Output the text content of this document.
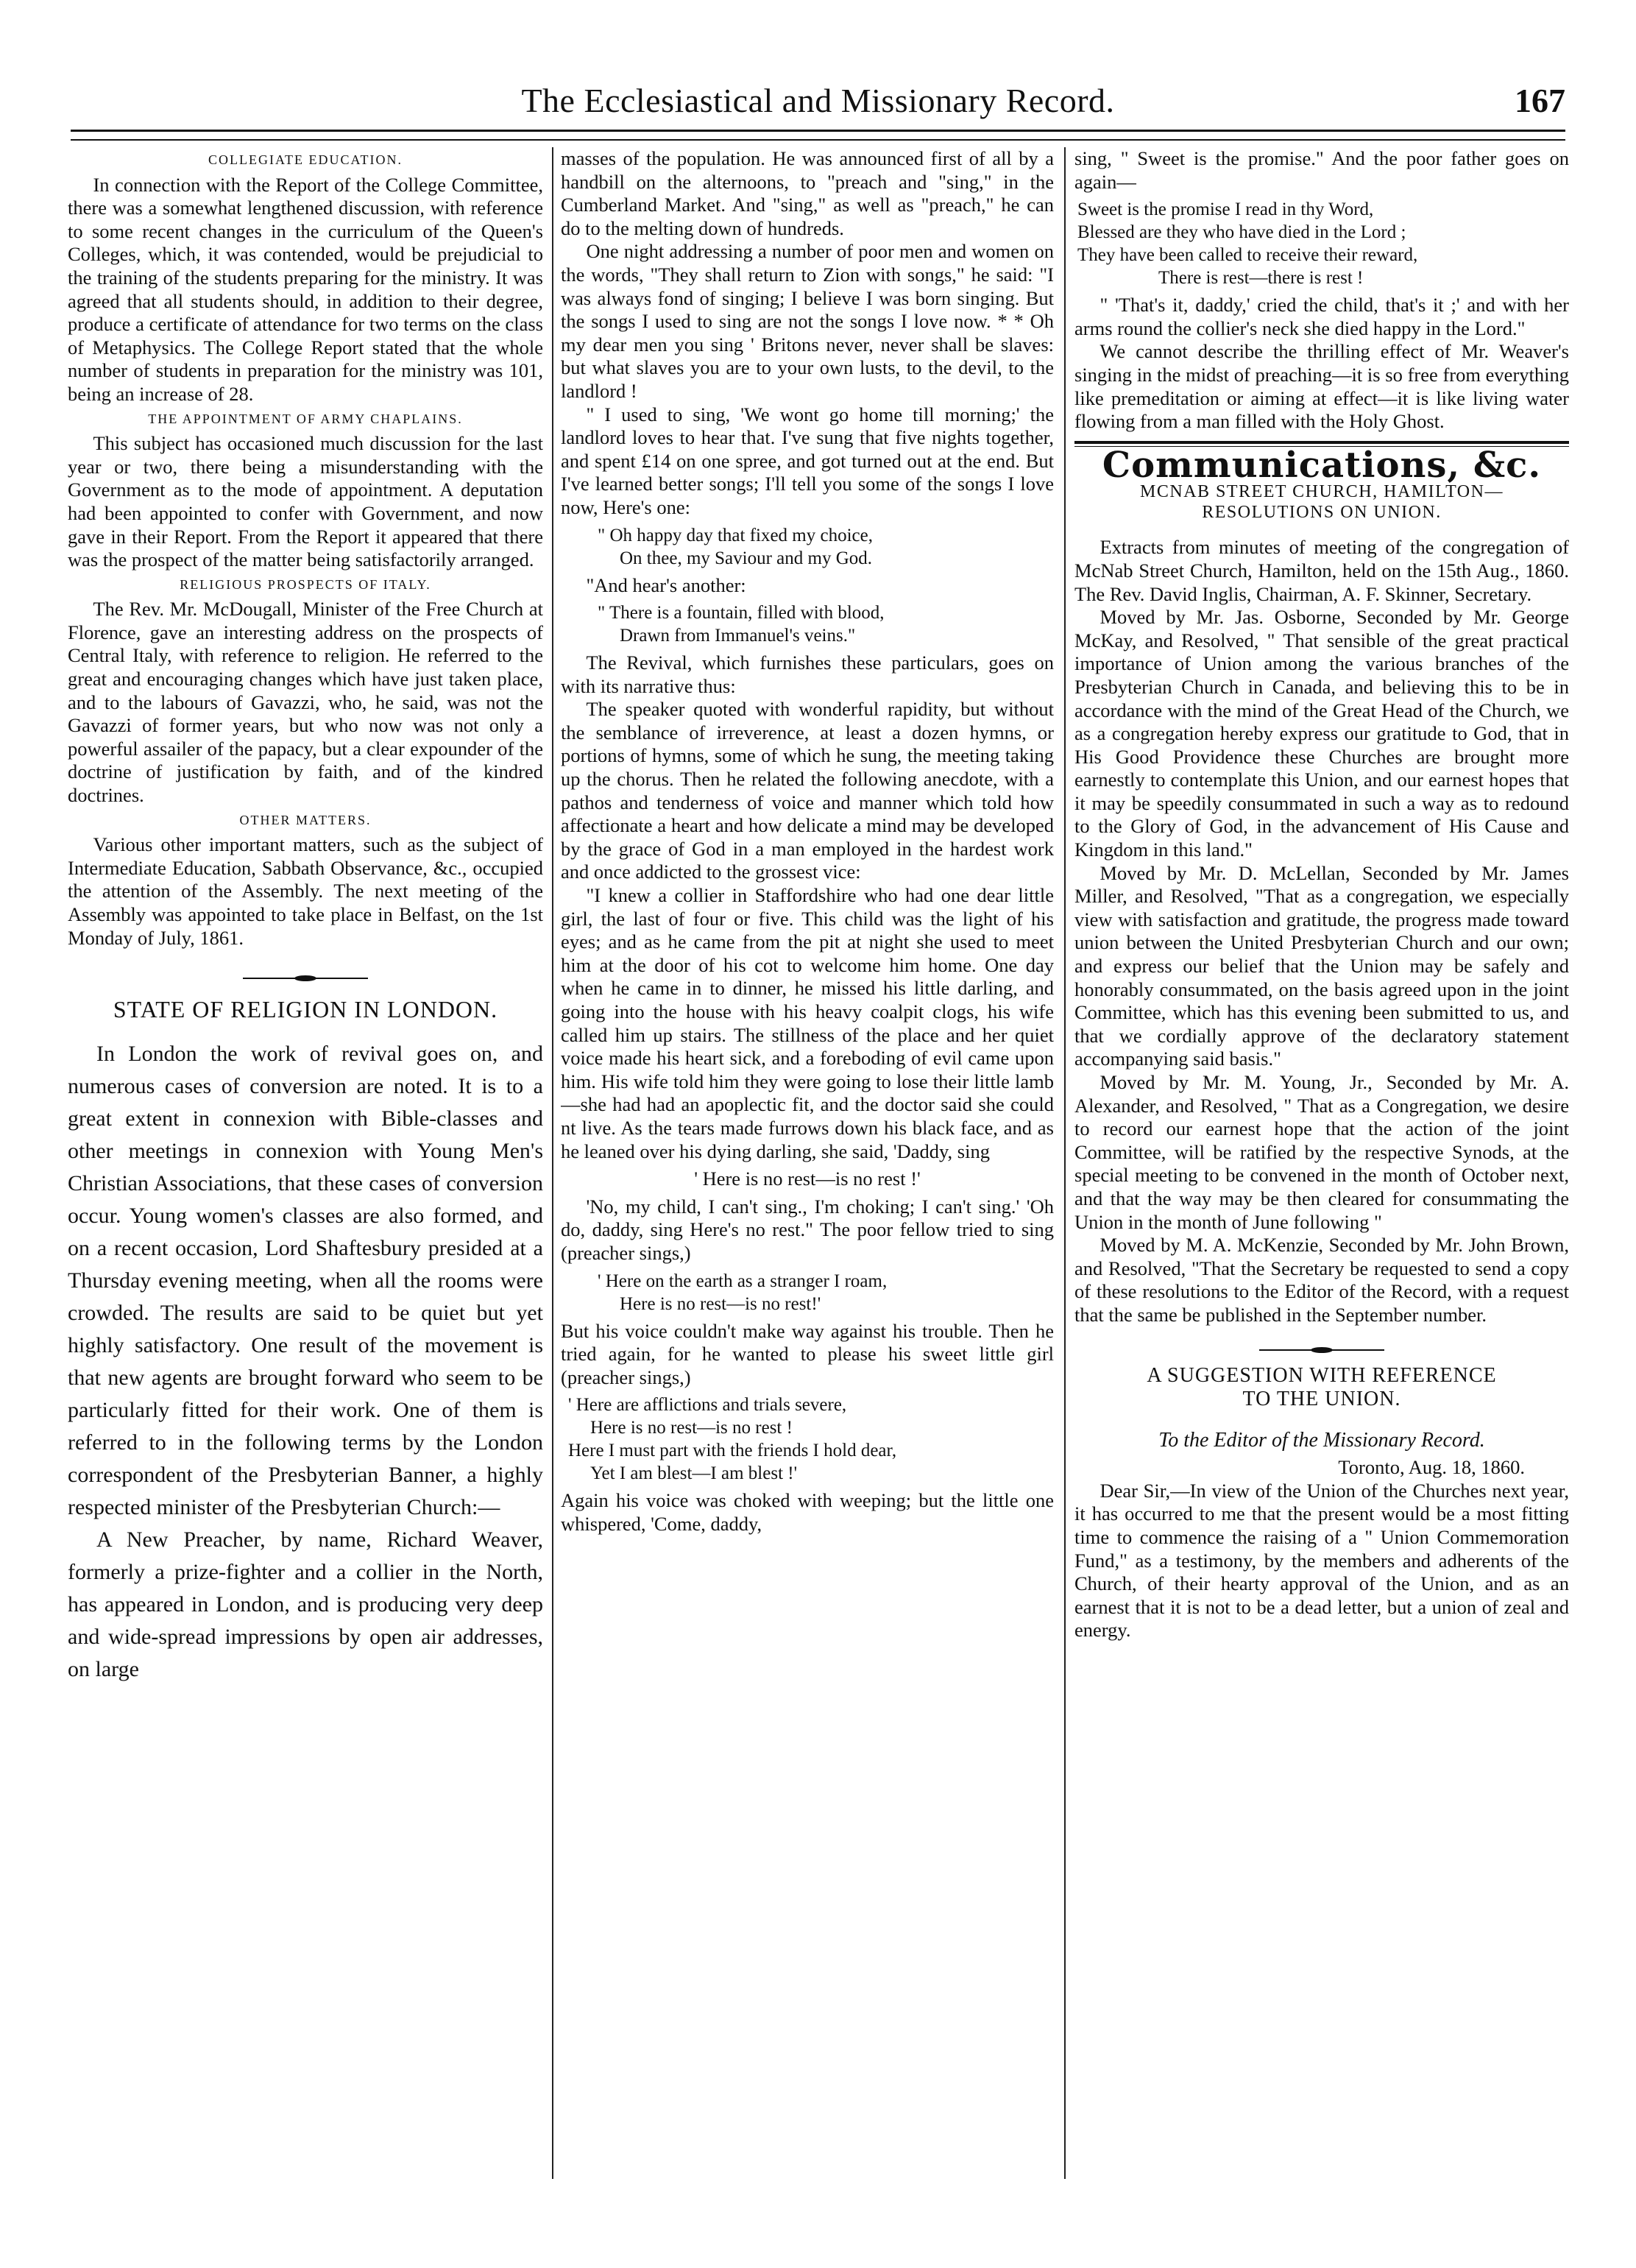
The Ecclesiastical and Missionary Record.	167
COLLEGIATE EDUCATION.

In connection with the Report of the College Committee, there was a somewhat lengthened discussion, with reference to some recent changes in the curriculum of the Queen's Colleges, which, it was contended, would be prejudicial to the training of the students preparing for the ministry. It was agreed that all students should, in addition to their degree, produce a certificate of attendance for two terms on the class of Metaphysics. The College Report stated that the whole number of students in preparation for the ministry was 101, being an increase of 28.

THE APPOINTMENT OF ARMY CHAPLAINS.

This subject has occasioned much discussion for the last year or two, there being a misunderstanding with the Government as to the mode of appointment. A deputation had been appointed to confer with Government, and now gave in their Report. From the Report it appeared that there was the prospect of the matter being satisfactorily arranged.

RELIGIOUS PROSPECTS OF ITALY.

The Rev. Mr. McDougall, Minister of the Free Church at Florence, gave an interesting address on the prospects of Central Italy, with reference to religion. He referred to the great and encouraging changes which have just taken place, and to the labours of Gavazzi, who, he said, was not the Gavazzi of former years, but who now was not only a powerful assailer of the papacy, but a clear expounder of the doctrine of justification by faith, and of the kindred doctrines.

OTHER MATTERS.

Various other important matters, such as the subject of Intermediate Education, Sabbath Observance, &c., occupied the attention of the Assembly. The next meeting of the Assembly was appointed to take place in Belfast, on the 1st Monday of July, 1861.

STATE OF RELIGION IN LONDON.

In London the work of revival goes on, and numerous cases of conversion are noted. It is to a great extent in connexion with Bible-classes and other meetings in connexion with Young Men's Christian Associations, that these cases of conversion occur. Young women's classes are also formed, and on a recent occasion, Lord Shaftesbury presided at a Thursday evening meeting, when all the rooms were crowded. The results are said to be quiet but yet highly satisfactory. One result of the movement is that new agents are brought forward who seem to be particularly fitted for their work. One of them is referred to in the following terms by the London correspondent of the Presbyterian Banner, a highly respected minister of the Presbyterian Church:—

A New Preacher, by name, Richard Weaver, formerly a prize-fighter and a collier in the North, has appeared in London, and is producing very deep and wide-spread impressions by open air addresses, on large

masses of the population. He was announced first of all by a handbill on the alternoons, to "preach and "sing," in the Cumberland Market. And "sing," as well as "preach," he can do to the melting down of hundreds.

One night addressing a number of poor men and women on the words, "They shall return to Zion with songs," he said: "I was always fond of singing; I believe I was born singing. But the songs I used to sing are not the songs I love now. * * Oh my dear men you sing ' Britons never, never shall be slaves: but what slaves you are to your own lusts, to the devil, to the landlord !

" I used to sing, 'We wont go home till morning;' the landlord loves to hear that. I've sung that five nights together, and spent £14 on one spree, and got turned out at the end. But I've learned better songs; I'll tell you some of the songs I love now, Here's one:

" Oh happy day that fixed my choice,
On thee, my Saviour and my God.

"And hear's another:

" There is a fountain, filled with blood,
Drawn from Immanuel's veins."

The Revival, which furnishes these particulars, goes on with its narrative thus:

The speaker quoted with wonderful rapidity, but without the semblance of irreverence, at least a dozen hymns, or portions of hymns, some of which he sung, the meeting taking up the chorus. Then he related the following anecdote, with a pathos and tenderness of voice and manner which told how affectionate a heart and how delicate a mind may be developed by the grace of God in a man employed in the hardest work and once addicted to the grossest vice:

"I knew a collier in Staffordshire who had one dear little girl, the last of four or five. This child was the light of his eyes; and as he came from the pit at night she used to meet him at the door of his cot to welcome him home. One day when he came in to dinner, he missed his little darling, and going into the house with his heavy coalpit clogs, his wife called him up stairs. The stillness of the place and her quiet voice made his heart sick, and a foreboding of evil came upon him. His wife told him they were going to lose their little lamb—she had had an apoplectic fit, and the doctor said she could nt live. As the tears made furrows down his black face, and as he leaned over his dying darling, she said, 'Daddy, sing

' Here is no rest—is no rest !'

'No, my child, I can't sing., I'm choking; I can't sing.' 'Oh do, daddy, sing Here's no rest." The poor fellow tried to sing (preacher sings,)

' Here on the earth as a stranger I roam,
Here is no rest—is no rest!'

But his voice couldn't make way against his trouble. Then he tried again, for he wanted to please his sweet little girl (preacher sings,)

' Here are afflictions and trials severe,
Here is no rest—is no rest !
Here I must part with the friends I hold dear,
Yet I am blest—I am blest !'

Again his voice was choked with weeping; but the little one whispered, 'Come, daddy,

sing, " Sweet is the promise." And the poor father goes on again—

Sweet is the promise I read in thy Word,
Blessed are they who have died in the Lord ;
They have been called to receive their reward,
There is rest—there is rest !

" 'That's it, daddy,' cried the child, that's it ;' and with her arms round the collier's neck she died happy in the Lord."

We cannot describe the thrilling effect of Mr. Weaver's singing in the midst of preaching—it is so free from everything like premeditation or aiming at effect—it is like living water flowing from a man filled with the Holy Ghost.

Communications, &c.
MCNAB STREET CHURCH, HAMILTON—
RESOLUTIONS ON UNION.

Extracts from minutes of meeting of the congregation of McNab Street Church, Hamilton, held on the 15th Aug., 1860. The Rev. David Inglis, Chairman, A. F. Skinner, Secretary.

Moved by Mr. Jas. Osborne, Seconded by Mr. George McKay, and Resolved, " That sensible of the great practical importance of Union among the various branches of the Presbyterian Church in Canada, and believing this to be in accordance with the mind of the Great Head of the Church, we as a congregation hereby express our gratitude to God, that in His Good Providence these Churches are brought more earnestly to contemplate this Union, and our earnest hopes that it may be speedily consummated in such a way as to redound to the Glory of God, in the advancement of His Cause and Kingdom in this land."

Moved by Mr. D. McLellan, Seconded by Mr. James Miller, and Resolved, "That as a congregation, we especially view with satisfaction and gratitude, the progress made toward union between the United Presbyterian Church and our own; and express our belief that the Union may be safely and honorably consummated, on the basis agreed upon in the joint Committee, which has this evening been submitted to us, and that we cordially approve of the declaratory statement accompanying said basis."

Moved by Mr. M. Young, Jr., Seconded by Mr. A. Alexander, and Resolved, " That as a Congregation, we desire to record our earnest hope that the action of the joint Committee, will be ratified by the respective Synods, at the special meeting to be convened in the month of October next, and that the way may be then cleared for consummating the Union in the month of June following "

Moved by M. A. McKenzie, Seconded by Mr. John Brown, and Resolved, "That the Secretary be requested to send a copy of these resolutions to the Editor of the Record, with a request that the same be published in the September number.

A SUGGESTION WITH REFERENCE
TO THE UNION.
To the Editor of the Missionary Record.
Toronto, Aug. 18, 1860.

Dear Sir,—In view of the Union of the Churches next year, it has occurred to me that the present would be a most fitting time to commence the raising of a " Union Commemoration Fund," as a testimony, by the members and adherents of the Church, of their hearty approval of the Union, and as an earnest that it is not to be a dead letter, but a union of zeal and energy.
